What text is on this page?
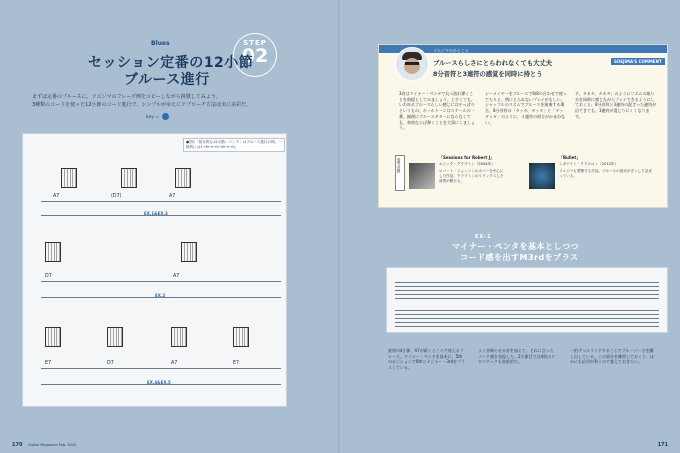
Blues	STEP
02
セッション定番の12小節
ブルース進行
まずは定番のブルースに。ソエジマのフレーズ例をコピーしながら挑戦してみよう。
3種類のコードを使った12小節のコード進行で、シンプルがゆえにアプローチ方法は実に多彩だ。
key =
●図1「基本的な12小節／コンプ」はブルース進行の例。一般的には1→IV→I→V→IV→I→V。
A7	(D7)	A7
EX.1&EX.3
D7	A7
EX.2
E7	D7	A7	E7
EX.4&EX.5
170 Guitar Magazine Feb. 2020
ソエジマのひとこと
SOEJIMA'S COMMENT
ブルースらしさにとらわれなくても大丈夫
8分音符と3連符の感覚を同時に持とう
3音はマイナー・ペンタで丸つ流れ弾くことを前提としてみましょう。上手くても、いわゆるブルースらしい感じにはやっぱりというもの。ホールトーンはスケールの一番、無理にブルースギターにならなくても、余裕ならば弾くことを大事にしましょう。
シーメイヤーをブルースで6/8の合わせで使ってたりと、例にとられないプレイがもしい。シャッフルのリズムでブルースを演奏する場合、8分音符の「タッタ、タッタ」と「タッタッタ」のように、３連符の両方がかまわない。
テ、タカタ、タカタ」のようにリズムの取り方を同時に感じながらプレイできるようにしておくと、8分音符と3連符の混ざった連符が出てきても、3連符が混じりにくくなります。
参考音源
「Sessions for Robert J」
エリック・クラプトン（2004年）
ロバート・ジョンソンのカバーを中心にした作品。クラプトンのリラックスした演奏が聴ける。
「Bullet」
レガナイト・クラスロン（2012年）
ソエジマも愛聴する作品。ブルースの基本がぎっしり詰まっている。
EX-1
マイナー・ペンタを基本としつつ
コード感を出すM3rdをプラス
最初の4小節、A7が続くところで使えるフレーズ。マイナー・ペンタを基本に、5thのポジションで6thとメジャー・3rdをプラスしている。
よく音鳴らせる音を加えて、それに合ったコード感を表現した。2小節目では4拍のクロマチックも効果的だ。
一拍ずつスライドすることでブルージーさを醸し出している。この部分を練習しておくと、ほかにも応用が利くので覚えておきたい。
171
